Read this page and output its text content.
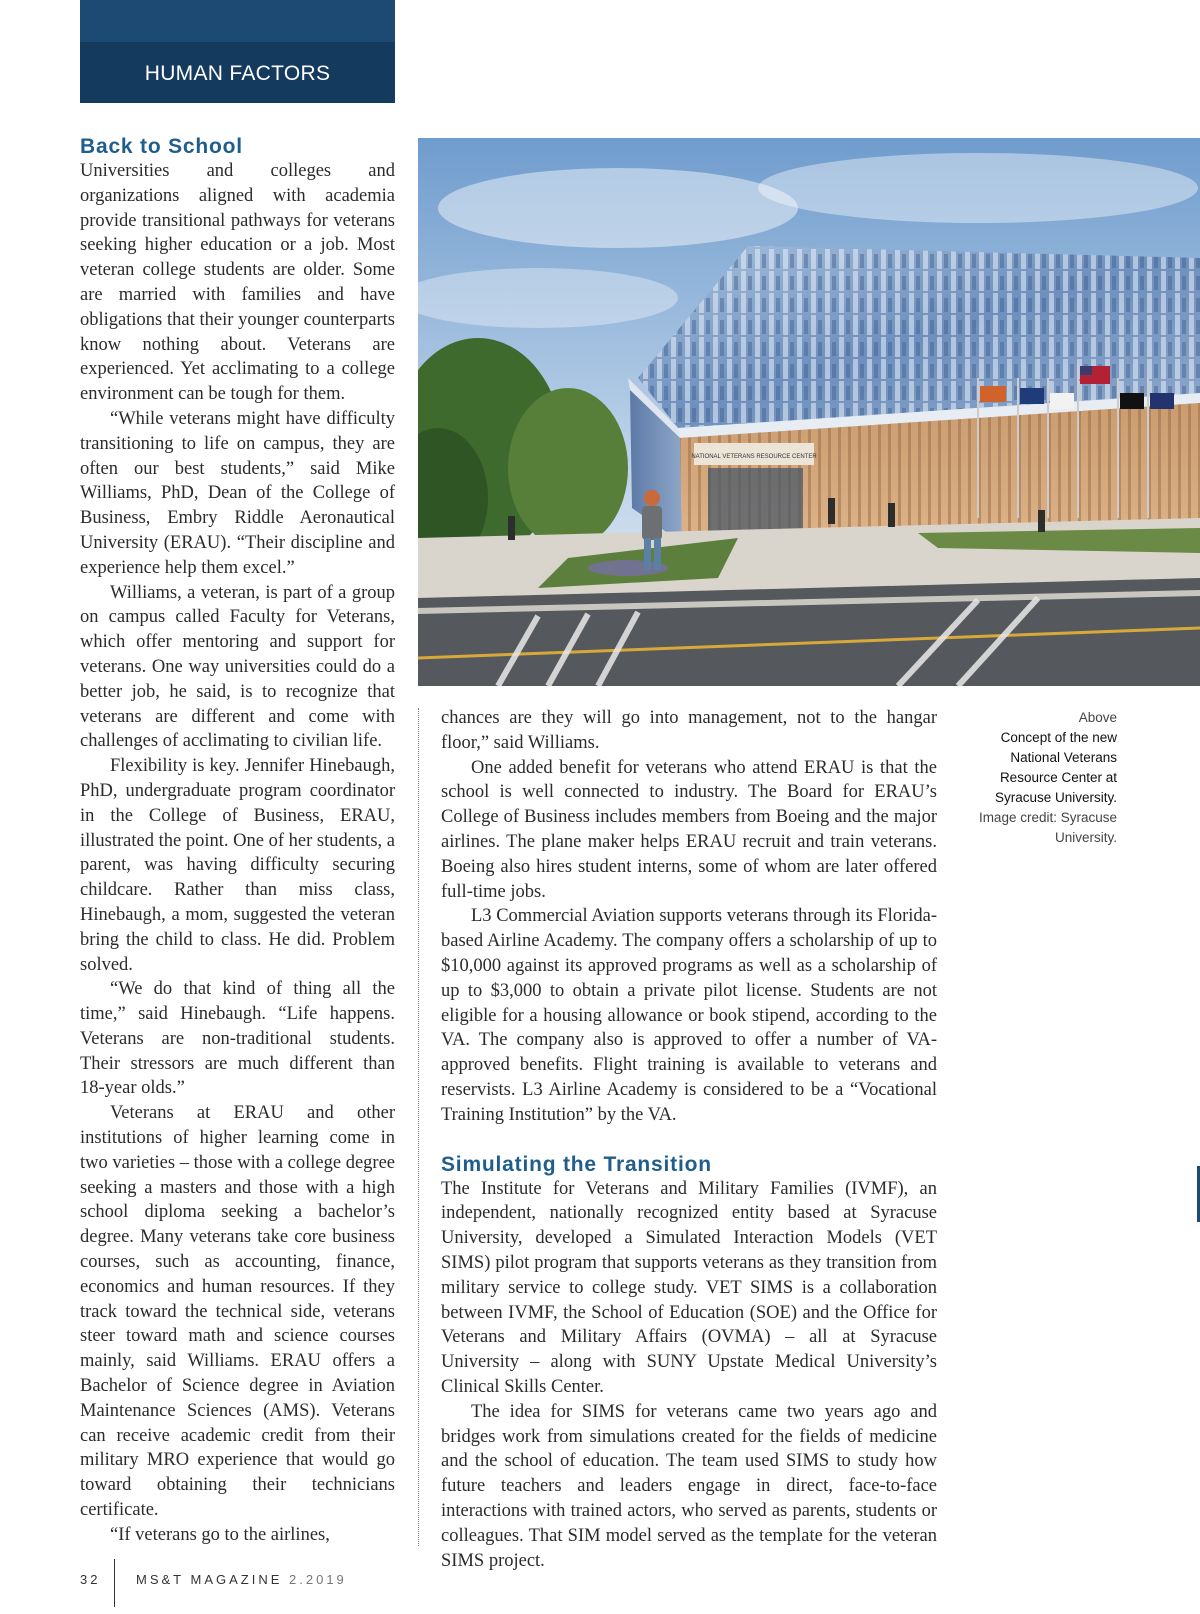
HUMAN FACTORS
Back to School

Universities and colleges and organizations aligned with academia provide transitional pathways for veterans seeking higher education or a job. Most veteran college students are older. Some are married with families and have obligations that their younger counterparts know nothing about. Veterans are experienced. Yet acclimating to a college environment can be tough for them.

“While veterans might have difficulty transitioning to life on campus, they are often our best students,” said Mike Williams, PhD, Dean of the College of Business, Embry Riddle Aeronautical University (ERAU). “Their discipline and experience help them excel.”

Williams, a veteran, is part of a group on campus called Faculty for Veterans, which offer mentoring and support for veterans. One way universities could do a better job, he said, is to recognize that veterans are different and come with challenges of acclimating to civilian life.

Flexibility is key. Jennifer Hinebaugh, PhD, undergraduate program coordinator in the College of Business, ERAU, illustrated the point. One of her students, a parent, was having difficulty securing childcare. Rather than miss class, Hinebaugh, a mom, suggested the veteran bring the child to class. He did. Problem solved.

“We do that kind of thing all the time,” said Hinebaugh. “Life happens. Veterans are non-traditional students. Their stressors are much different than 18-year olds.”

Veterans at ERAU and other institutions of higher learning come in two varieties – those with a college degree seeking a masters and those with a high school diploma seeking a bachelor’s degree. Many veterans take core business courses, such as accounting, finance, economics and human resources. If they track toward the technical side, veterans steer toward math and science courses mainly, said Williams. ERAU offers a Bachelor of Science degree in Aviation Maintenance Sciences (AMS). Veterans can receive academic credit from their military MRO experience that would go toward obtaining their technicians certificate.

“If veterans go to the airlines,

NATIONAL VETERANS RESOURCE CENTER

chances are they will go into management, not to the hangar floor,” said Williams.

One added benefit for veterans who attend ERAU is that the school is well connected to industry. The Board for ERAU’s College of Business includes members from Boeing and the major airlines. The plane maker helps ERAU recruit and train veterans. Boeing also hires student interns, some of whom are later offered full-time jobs.

L3 Commercial Aviation supports veterans through its Florida-based Airline Academy. The company offers a scholarship of up to $10,000 against its approved programs as well as a scholarship of up to $3,000 to obtain a private pilot license. Students are not eligible for a housing allowance or book stipend, according to the VA. The company also is approved to offer a number of VA-approved benefits. Flight training is available to veterans and reservists. L3 Airline Academy is considered to be a “Vocational Training Institution” by the VA.

Simulating the Transition

The Institute for Veterans and Military Families (IVMF), an independent, nationally recognized entity based at Syracuse University, developed a Simulated Interaction Models (VET SIMS) pilot program that supports veterans as they transition from military service to college study. VET SIMS is a collaboration between IVMF, the School of Education (SOE) and the Office for Veterans and Military Affairs (OVMA) – all at Syracuse University – along with SUNY Upstate Medical University’s Clinical Skills Center.

The idea for SIMS for veterans came two years ago and bridges work from simulations created for the fields of medicine and the school of education. The team used SIMS to study how future teachers and leaders engage in direct, face-to-face interactions with trained actors, who served as parents, students or colleagues. That SIM model served as the template for the veteran SIMS project.

Above
Concept of the new National Veterans Resource Center at Syracuse University.
Image credit: Syracuse University.
32	MS&T MAGAZINE 2.2019
